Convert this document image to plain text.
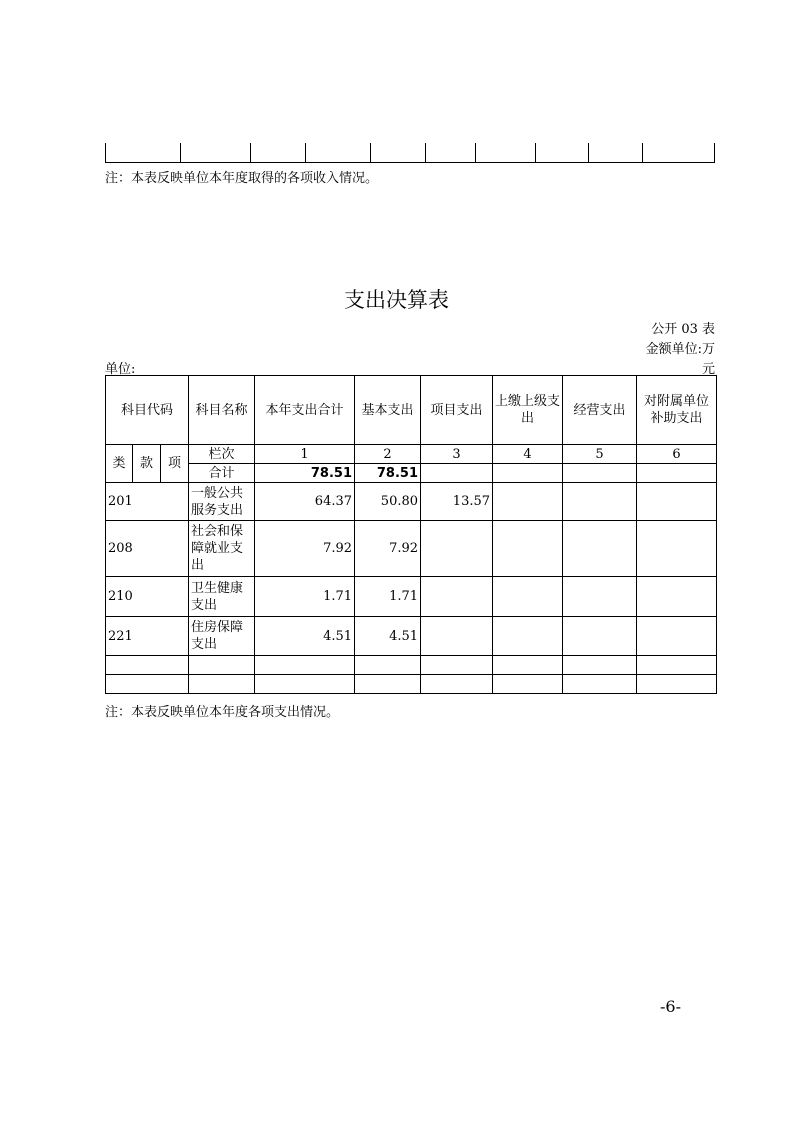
注：本表反映单位本年度取得的各项收入情况。
支出决算表
公开 03 表
金额单位:万
元
单位:
科目代码			科目名称	本年支出合计	基本支出	项目支出	上缴上级支出	经营支出	对附属单位补助支出
类	款	项	栏次	1	2	3	4	5	6
			合计	78.51	78.51				
201			一般公共服务支出	64.37	50.80	13.57			
208			社会和保障就业支出	7.92	7.92				
210			卫生健康支出	1.71	1.71				
221			住房保障支出	4.51	4.51				

注：本表反映单位本年度各项支出情况。
-6-
